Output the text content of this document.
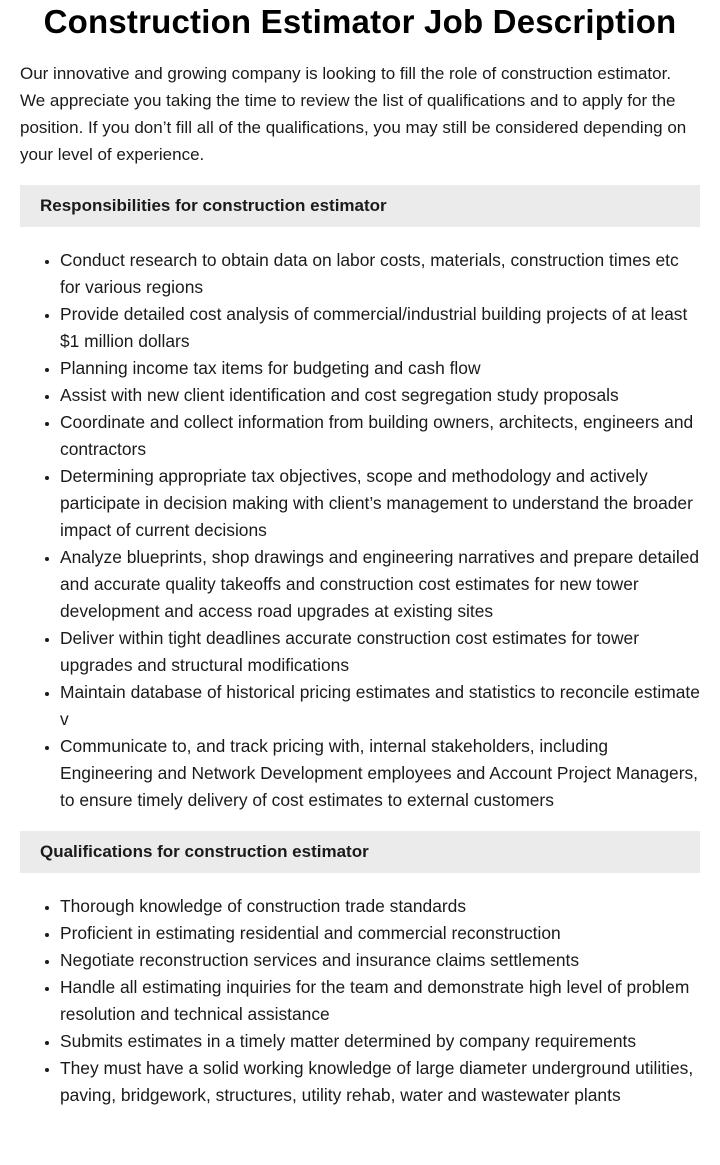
Construction Estimator Job Description

Our innovative and growing company is looking to fill the role of construction estimator. We appreciate you taking the time to review the list of qualifications and to apply for the position. If you don’t fill all of the qualifications, you may still be considered depending on your level of experience.

Responsibilities for construction estimator
• Conduct research to obtain data on labor costs, materials, construction times etc for various regions
• Provide detailed cost analysis of commercial/industrial building projects of at least $1 million dollars
• Planning income tax items for budgeting and cash flow
• Assist with new client identification and cost segregation study proposals
• Coordinate and collect information from building owners, architects, engineers and contractors
• Determining appropriate tax objectives, scope and methodology and actively participate in decision making with client’s management to understand the broader impact of current decisions
• Analyze blueprints, shop drawings and engineering narratives and prepare detailed and accurate quality takeoffs and construction cost estimates for new tower development and access road upgrades at existing sites
• Deliver within tight deadlines accurate construction cost estimates for tower upgrades and structural modifications
• Maintain database of historical pricing estimates and statistics to reconcile estimate v
• Communicate to, and track pricing with, internal stakeholders, including Engineering and Network Development employees and Account Project Managers, to ensure timely delivery of cost estimates to external customers
Qualifications for construction estimator
• Thorough knowledge of construction trade standards
• Proficient in estimating residential and commercial reconstruction
• Negotiate reconstruction services and insurance claims settlements
• Handle all estimating inquiries for the team and demonstrate high level of problem resolution and technical assistance
• Submits estimates in a timely matter determined by company requirements
• They must have a solid working knowledge of large diameter underground utilities, paving, bridgework, structures, utility rehab, water and wastewater plants
